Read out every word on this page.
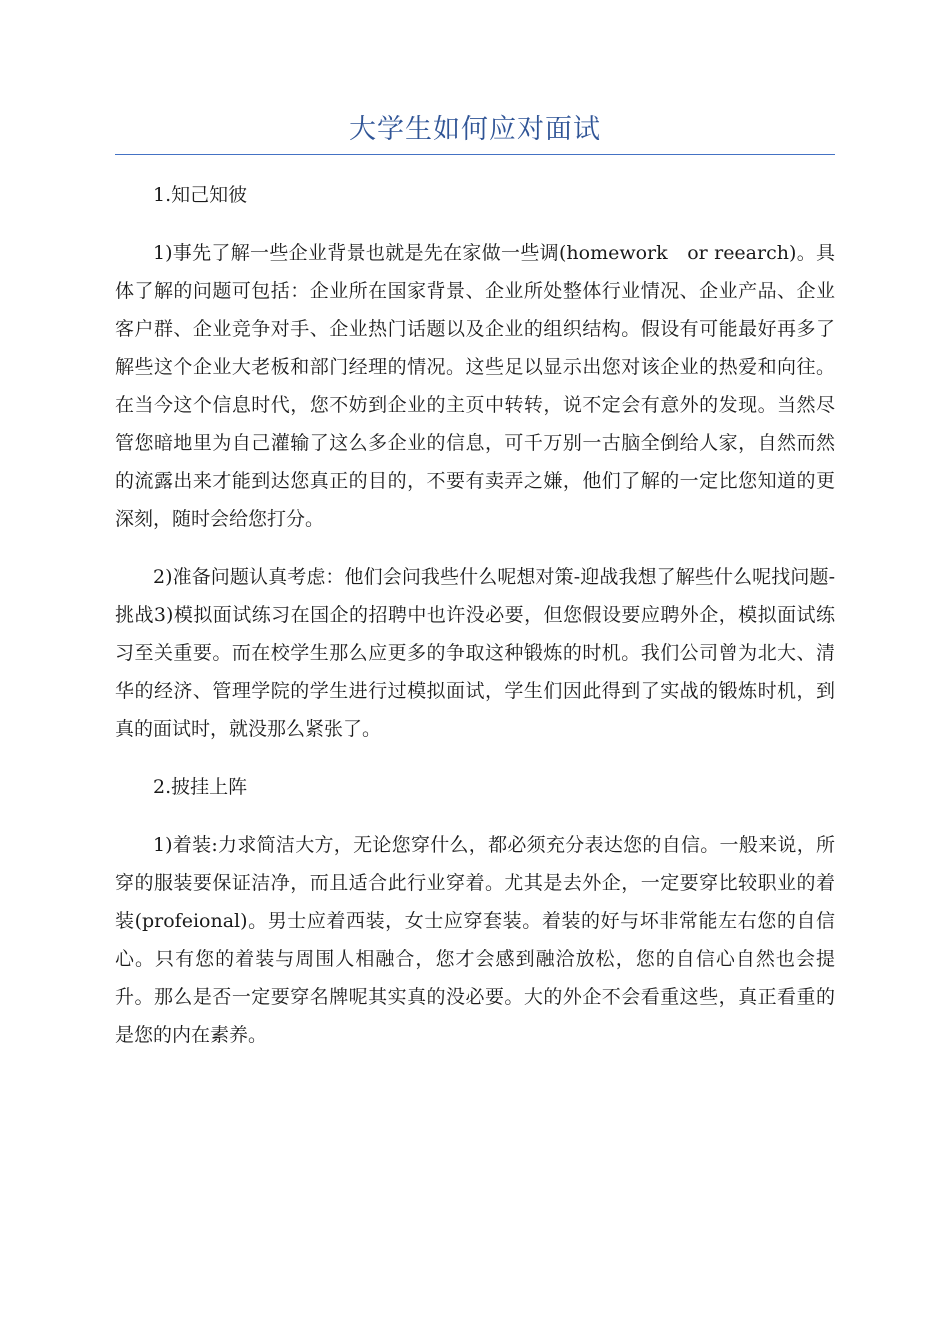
大学生如何应对面试

1.知己知彼

1)事先了解一些企业背景也就是先在家做一些调(homework　or reearch)。具体了解的问题可包括：企业所在国家背景、企业所处整体行业情况、企业产品、企业客户群、企业竞争对手、企业热门话题以及企业的组织结构。假设有可能最好再多了解些这个企业大老板和部门经理的情况。这些足以显示出您对该企业的热爱和向往。在当今这个信息时代，您不妨到企业的主页中转转，说不定会有意外的发现。当然尽管您暗地里为自己灌输了这么多企业的信息，可千万别一古脑全倒给人家，自然而然的流露出来才能到达您真正的目的，不要有卖弄之嫌，他们了解的一定比您知道的更深刻，随时会给您打分。

2)准备问题认真考虑：他们会问我些什么呢想对策-迎战我想了解些什么呢找问题-挑战3)模拟面试练习在国企的招聘中也许没必要，但您假设要应聘外企，模拟面试练习至关重要。而在校学生那么应更多的争取这种锻炼的时机。我们公司曾为北大、清华的经济、管理学院的学生进行过模拟面试，学生们因此得到了实战的锻炼时机，到真的面试时，就没那么紧张了。

2.披挂上阵

1)着装:力求简洁大方，无论您穿什么，都必须充分表达您的自信。一般来说，所穿的服装要保证洁净，而且适合此行业穿着。尤其是去外企，一定要穿比较职业的着装(profeional)。男士应着西装，女士应穿套装。着装的好与坏非常能左右您的自信心。只有您的着装与周围人相融合，您才会感到融洽放松，您的自信心自然也会提升。那么是否一定要穿名牌呢其实真的没必要。大的外企不会看重这些，真正看重的是您的内在素养。
